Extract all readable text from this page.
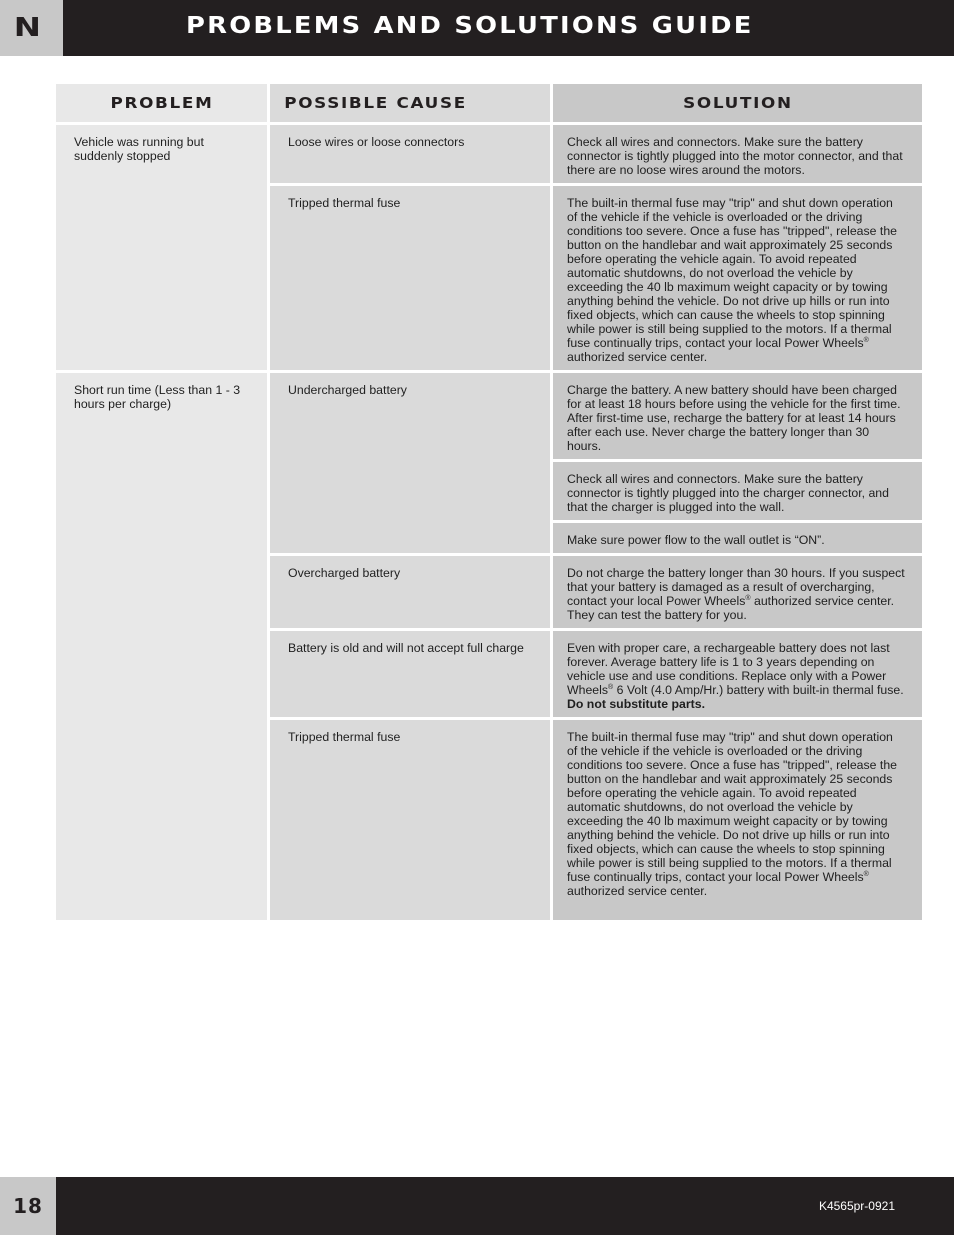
N	PROBLEMS AND SOLUTIONS GUIDE
PROBLEM	POSSIBLE CAUSE	SOLUTION
Vehicle was running but suddenly stopped	Loose wires or loose connectors	Check all wires and connectors. Make sure the battery connector is tightly plugged into the motor connector, and that there are no loose wires around the motors.
	Tripped thermal fuse	The built-in thermal fuse may "trip" and shut down operation of the vehicle if the vehicle is overloaded or the driving conditions too severe. Once a fuse has "tripped", release the button on the handlebar and wait approximately 25 seconds before operating the vehicle again. To avoid repeated automatic shutdowns, do not overload the vehicle by exceeding the 40 lb maximum weight capacity or by towing anything behind the vehicle. Do not drive up hills or run into fixed objects, which can cause the wheels to stop spinning while power is still being supplied to the motors. If a thermal fuse continually trips, contact your local Power Wheels® authorized service center.
Short run time (Less than 1 - 3 hours per charge)	Undercharged battery	Charge the battery. A new battery should have been charged for at least 18 hours before using the vehicle for the first time. After first-time use, recharge the battery for at least 14 hours after each use. Never charge the battery longer than 30 hours.
		Check all wires and connectors. Make sure the battery connector is tightly plugged into the charger connector, and that the charger is plugged into the wall.
		Make sure power flow to the wall outlet is “ON”.
	Overcharged battery	Do not charge the battery longer than 30 hours. If you suspect that your battery is damaged as a result of overcharging, contact your local Power Wheels® authorized service center. They can test the battery for you.
	Battery is old and will not accept full charge	Even with proper care, a rechargeable battery does not last forever. Average battery life is 1 to 3 years depending on vehicle use and use conditions. Replace only with a Power Wheels® 6 Volt (4.0 Amp/Hr.) battery with built-in thermal fuse. Do not substitute parts.
	Tripped thermal fuse	The built-in thermal fuse may "trip" and shut down operation of the vehicle if the vehicle is overloaded or the driving conditions too severe. Once a fuse has "tripped", release the button on the handlebar and wait approximately 25 seconds before operating the vehicle again. To avoid repeated automatic shutdowns, do not overload the vehicle by exceeding the 40 lb maximum weight capacity or by towing anything behind the vehicle. Do not drive up hills or run into fixed objects, which can cause the wheels to stop spinning while power is still being supplied to the motors. If a thermal fuse continually trips, contact your local Power Wheels® authorized service center.
18	K4565pr-0921
